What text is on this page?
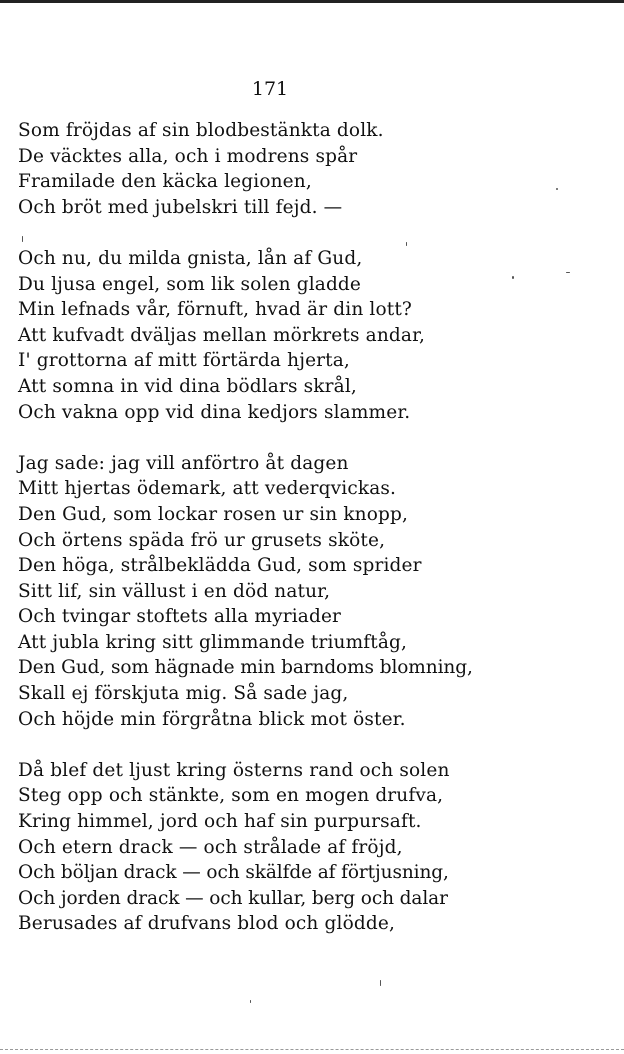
171
Som fröjdas af sin blodbestänkta dolk.
De väcktes alla, och i modrens spår
Framilade den käcka legionen,
Och bröt med jubelskri till fejd. —
Och nu, du milda gnista, lån af Gud,
Du ljusa engel, som lik solen gladde
Min lefnads vår, förnuft, hvad är din lott?
Att kufvadt dväljas mellan mörkrets andar,
I' grottorna af mitt förtärda hjerta,
Att somna in vid dina bödlars skrål,
Och vakna opp vid dina kedjors slammer.
Jag sade: jag vill anförtro åt dagen
Mitt hjertas ödemark, att vederqvickas.
Den Gud, som lockar rosen ur sin knopp,
Och örtens späda frö ur grusets sköte,
Den höga, strålbeklädda Gud, som sprider
Sitt lif, sin vällust i en död natur,
Och tvingar stoftets alla myriader
Att jubla kring sitt glimmande triumftåg,
Den Gud, som hägnade min barndoms blomning,
Skall ej förskjuta mig. Så sade jag,
Och höjde min förgråtna blick mot öster.
Då blef det ljust kring österns rand och solen
Steg opp och stänkte, som en mogen drufva,
Kring himmel, jord och haf sin purpursaft.
Och etern drack — och strålade af fröjd,
Och böljan drack — och skälfde af förtjusning,
Och jorden drack — och kullar, berg och dalar
Berusades af drufvans blod och glödde,
